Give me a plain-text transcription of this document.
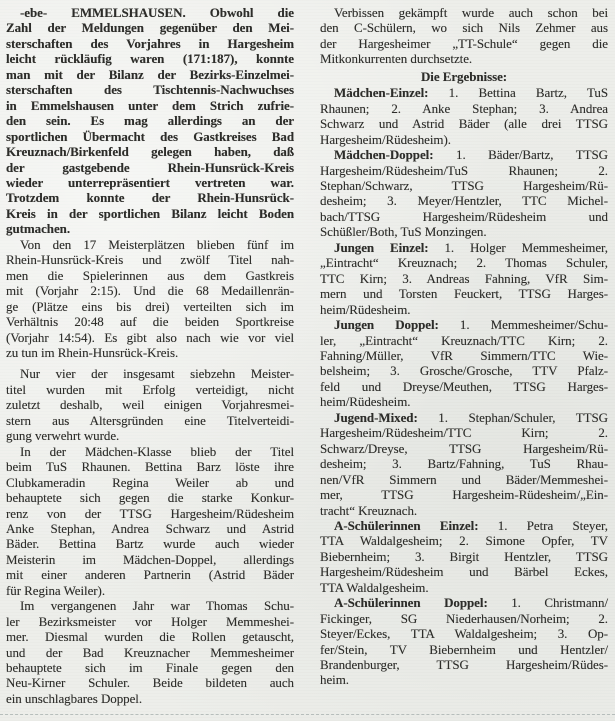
-ebe- EMMELSHAUSEN. Obwohl die
Zahl der Meldungen gegenüber den Mei-
sterschaften des Vorjahres in Hargesheim
leicht rückläufig waren (171:187), konnte
man mit der Bilanz der Bezirks-Einzelmei-
sterschaften des Tischtennis-Nachwuchses
in Emmelshausen unter dem Strich zufrie-
den sein. Es mag allerdings an der
sportlichen Übermacht des Gastkreises Bad
Kreuznach/Birkenfeld gelegen haben, daß
der gastgebende Rhein-Hunsrück-Kreis
wieder unterrepräsentiert vertreten war.
Trotzdem konnte der Rhein-Hunsrück-
Kreis in der sportlichen Bilanz leicht Boden
gutmachen.
Von den 17 Meisterplätzen blieben fünf im
Rhein-Hunsrück-Kreis und zwölf Titel nah-
men die Spielerinnen aus dem Gastkreis
mit (Vorjahr 2:15). Und die 68 Medaillenrän-
ge (Plätze eins bis drei) verteilten sich im
Verhältnis 20:48 auf die beiden Sportkreise
(Vorjahr 14:54). Es gibt also nach wie vor viel
zu tun im Rhein-Hunsrück-Kreis.
Nur vier der insgesamt siebzehn Meister-
titel wurden mit Erfolg verteidigt, nicht
zuletzt deshalb, weil einigen Vorjahresmei-
stern aus Altersgründen eine Titelverteidi-
gung verwehrt wurde.
In der Mädchen-Klasse blieb der Titel
beim TuS Rhaunen. Bettina Barz löste ihre
Clubkameradin Regina Weiler ab und
behauptete sich gegen die starke Konkur-
renz von der TTSG Hargesheim/Rüdesheim
Anke Stephan, Andrea Schwarz und Astrid
Bäder. Bettina Bartz wurde auch wieder
Meisterin im Mädchen-Doppel, allerdings
mit einer anderen Partnerin (Astrid Bäder
für Regina Weiler).
Im vergangenen Jahr war Thomas Schu-
ler Bezirksmeister vor Holger Memmeshei-
mer. Diesmal wurden die Rollen getauscht,
und der Bad Kreuznacher Memmesheimer
behauptete sich im Finale gegen den
Neu-Kirner Schuler. Beide bildeten auch
ein unschlagbares Doppel.
Verbissen gekämpft wurde auch schon bei
den C-Schülern, wo sich Nils Zehmer aus
der Hargesheimer „TT-Schule“ gegen die
Mitkonkurrenten durchsetzte.
Die Ergebnisse:
Mädchen-Einzel: 1. Bettina Bartz, TuS
Rhaunen; 2. Anke Stephan; 3. Andrea
Schwarz und Astrid Bäder (alle drei TTSG
Hargesheim/Rüdesheim).
Mädchen-Doppel: 1. Bäder/Bartz, TTSG
Hargesheim/Rüdesheim/TuS Rhaunen; 2.
Stephan/Schwarz, TTSG Hargesheim/Rü-
desheim; 3. Meyer/Hentzler, TTC Michel-
bach/TTSG Hargesheim/Rüdesheim und
Schüßler/Both, TuS Monzingen.
Jungen Einzel: 1. Holger Memmesheimer,
„Eintracht“ Kreuznach; 2. Thomas Schuler,
TTC Kirn; 3. Andreas Fahning, VfR Sim-
mern und Torsten Feuckert, TTSG Harges-
heim/Rüdesheim.
Jungen Doppel: 1. Memmesheimer/Schu-
ler, „Eintracht“ Kreuznach/TTC Kirn; 2.
Fahning/Müller, VfR Simmern/TTC Wie-
belsheim; 3. Grosche/Grosche, TTV Pfalz-
feld und Dreyse/Meuthen, TTSG Harges-
heim/Rüdesheim.
Jugend-Mixed: 1. Stephan/Schuler, TTSG
Hargesheim/Rüdesheim/TTC Kirn; 2.
Schwarz/Dreyse, TTSG Hargesheim/Rü-
desheim; 3. Bartz/Fahning, TuS Rhau-
nen/VfR Simmern und Bäder/Memmeshei-
mer, TTSG Hargesheim-Rüdesheim/„Ein-
tracht“ Kreuznach.
A-Schülerinnen Einzel: 1. Petra Steyer,
TTA Waldalgesheim; 2. Simone Opfer, TV
Biebernheim; 3. Birgit Hentzler, TTSG
Hargesheim/Rüdesheim und Bärbel Eckes,
TTA Waldalgesheim.
A-Schülerinnen Doppel: 1. Christmann/
Fickinger, SG Niederhausen/Norheim; 2.
Steyer/Eckes, TTA Waldalgesheim; 3. Op-
fer/Stein, TV Biebernheim und Hentzler/
Brandenburger, TTSG Hargesheim/Rüdes-
heim.
